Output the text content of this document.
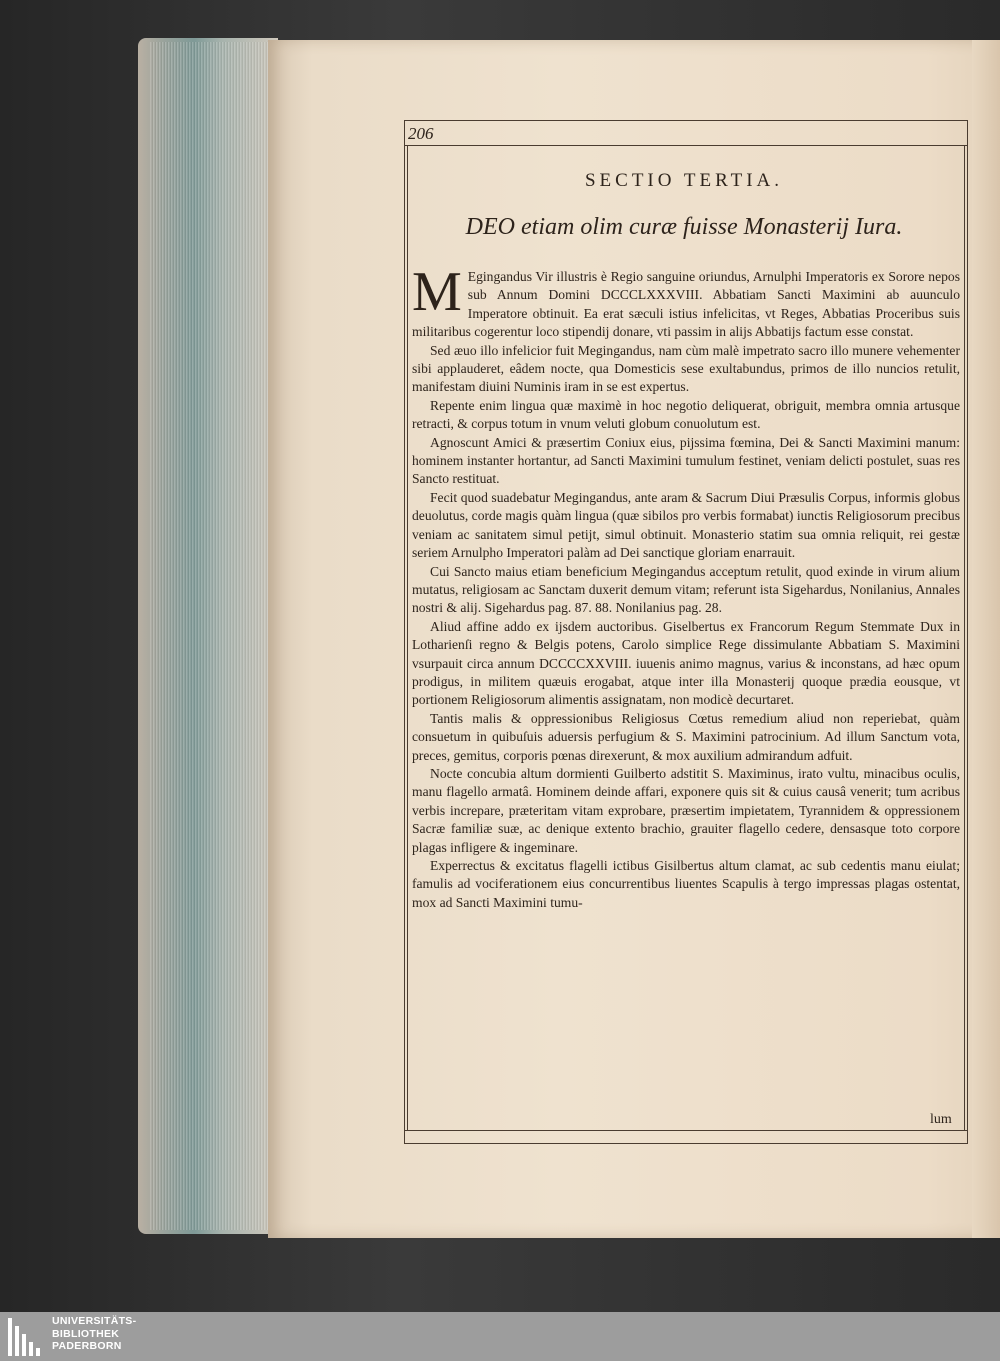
206
SECTIO TERTIA.
DEO etiam olim curæ fuisse Monasterij Iura.

M Egingandus Vir illustris è Regio sanguine oriundus, Arnulphi Imperatoris ex Sorore nepos sub Annum Domini DCCCLXXXVIII. Abbatiam Sancti Maximini ab auunculo Imperatore obtinuit. Ea erat sæculi istius infelicitas, vt Reges, Abbatias Proceribus suis militaribus cogerentur loco stipendij donare, vti passim in alijs Abbatijs factum esse constat.

Sed æuo illo infelicior fuit Megingandus, nam cùm malè impetrato sacro illo munere vehementer sibi applauderet, eâdem nocte, qua Domesticis sese exultabundus, primos de illo nuncios retulit, manifestam diuini Numinis iram in se est expertus.

Repente enim lingua quæ maximè in hoc negotio deliquerat, obriguit, membra omnia artusque retracti, & corpus totum in vnum veluti globum conuolutum est.

Agnoscunt Amici & præsertim Coniux eius, pijssima fœmina, Dei & Sancti Maximini manum: hominem instanter hortantur, ad Sancti Maximini tumulum festinet, veniam delicti postulet, suas res Sancto restituat.

Fecit quod suadebatur Megingandus, ante aram & Sacrum Diui Præsulis Corpus, informis globus deuolutus, corde magis quàm lingua (quæ sibilos pro verbis formabat) iunctis Religiosorum precibus veniam ac sanitatem simul petijt, simul obtinuit. Monasterio statim sua omnia reliquit, rei gestæ seriem Arnulpho Imperatori palàm ad Dei sanctique gloriam enarrauit.

Cui Sancto maius etiam beneficium Megingandus acceptum retulit, quod exinde in virum alium mutatus, religiosam ac Sanctam duxerit demum vitam; referunt ista Sigehardus, Nonilanius, Annales nostri & alij. Sigehardus pag. 87. 88. Nonilanius pag. 28.

Aliud affine addo ex ijsdem auctoribus. Giselbertus ex Francorum Regum Stemmate Dux in Lotharienſi regno & Belgis potens, Carolo simplice Rege dissimulante Abbatiam S. Maximini vsurpauit circa annum DCCCCXXVIII. iuuenis animo magnus, varius & inconstans, ad hæc opum prodigus, in militem quæuis erogabat, atque inter illa Monasterij quoque prædia eousque, vt portionem Religiosorum alimentis assignatam, non modicè decurtaret.

Tantis malis & oppressionibus Religiosus Cœtus remedium aliud non reperiebat, quàm consuetum in quibuſuis aduersis perfugium & S. Maximini patrocinium. Ad illum Sanctum vota, preces, gemitus, corporis pœnas direxerunt, & mox auxilium admirandum adfuit.

Nocte concubia altum dormienti Guilberto adstitit S. Maximinus, irato vultu, minacibus oculis, manu flagello armatâ. Hominem deinde affari, exponere quis sit & cuius causâ venerit; tum acribus verbis increpare, præteritam vitam exprobare, præsertim impietatem, Tyrannidem & oppressionem Sacræ familiæ suæ, ac denique extento brachio, grauiter flagello cedere, densasque toto corpore plagas infligere & ingeminare.

Experrectus & excitatus flagelli ictibus Gisilbertus altum clamat, ac sub cedentis manu eiulat; famulis ad vociferationem eius concurrentibus liuentes Scapulis à tergo impressas plagas ostentat, mox ad Sancti Maximini tumu-

lum
UNIVERSITÄTS-
BIBLIOTHEK
PADERBORN
